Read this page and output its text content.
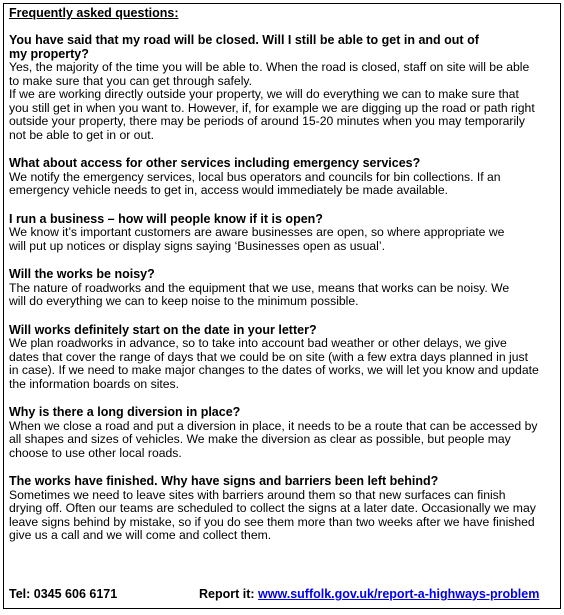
Frequently asked questions:

You have said that my road will be closed. Will I still be able to get in and out of
my property?

Yes, the majority of the time you will be able to. When the road is closed, staff on site will be able
to make sure that you can get through safely.
If we are working directly outside your property, we will do everything we can to make sure that
you still get in when you want to. However, if, for example we are digging up the road or path right
outside your property, there may be periods of around 15-20 minutes when you may temporarily
not be able to get in or out.

What about access for other services including emergency services?

We notify the emergency services, local bus operators and councils for bin collections. If an
emergency vehicle needs to get in, access would immediately be made available.

I run a business – how will people know if it is open?

We know it’s important customers are aware businesses are open, so where appropriate we
will put up notices or display signs saying ‘Businesses open as usual’.

Will the works be noisy?

The nature of roadworks and the equipment that we use, means that works can be noisy. We
will do everything we can to keep noise to the minimum possible.

Will works definitely start on the date in your letter?

We plan roadworks in advance, so to take into account bad weather or other delays, we give
dates that cover the range of days that we could be on site (with a few extra days planned in just
in case). If we need to make major changes to the dates of works, we will let you know and update
the information boards on sites.

Why is there a long diversion in place?

When we close a road and put a diversion in place, it needs to be a route that can be accessed by
all shapes and sizes of vehicles. We make the diversion as clear as possible, but people may
choose to use other local roads.

The works have finished. Why have signs and barriers been left behind?

Sometimes we need to leave sites with barriers around them so that new surfaces can finish
drying off. Often our teams are scheduled to collect the signs at a later date. Occasionally we may
leave signs behind by mistake, so if you do see them more than two weeks after we have finished
give us a call and we will come and collect them.

Tel: 0345 606 6171	Report it: www.suffolk.gov.uk/report-a-highways-problem
